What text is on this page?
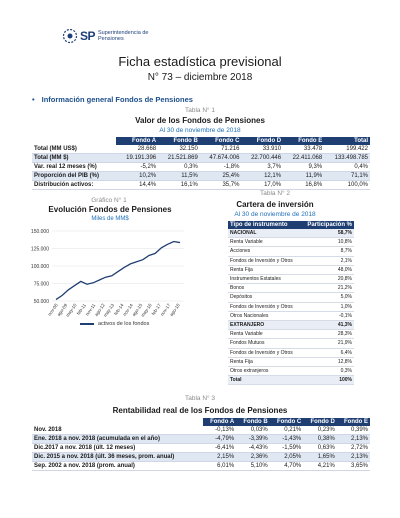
SP Superintendencia de
Pensiones
Ficha estadística previsional
N° 73 – diciembre 2018
• Información general Fondos de Pensiones
Tabla N° 1
Valor de los Fondos de Pensiones
Al 30 de noviembre de 2018
	Fondo A	Fondo B	Fondo C	Fondo D	Fondo E	Total
Total (MM US$)	28.668	32.150	71.216	33.910	33.478	199.422
Total (MM $)	19.191.396	21.521.869	47.674.006	22.700.446	22.411.068	133.498.785
Var. real 12 meses (%)	-5,2%	0,3%	-1,8%	3,7%	9,3%	0,4%
Proporción del PIB (%)	10,2%	11,5%	25,4%	12,1%	11,9%	71,1%
Distribución activos:	14,4%	16,1%	35,7%	17,0%	16,8%	100,0%
Gráfico N° 1
Evolución Fondos de Pensiones
Miles de MM$
150.000
125.000
100.000
75.000
50.000
nov-08
ago-09
may-10
feb-11
nov-11
ago-12
may-13
feb-14
nov-14
ago-15
may-16
feb-17
nov-17
ago-18
activos de los fondos
Tabla N° 2
Cartera de inversión
Al 30 de noviembre de 2018
Tipo de instrumento	Participación %
NACIONAL	58,7%
Renta Variable	10,8%
Acciones	8,7%
Fondos de Inversión y Otros	2,1%
Renta Fija	48,0%
Instrumentos Estatales	20,8%
Bonos	21,2%
Depósitos	5,0%
Fondos de Inversión y Otros	1,0%
Otros Nacionales	-0,1%
EXTRANJERO	41,3%
Renta Variable	28,3%
Fondos Mutuos	21,9%
Fondos de Inversión y Otros	6,4%
Renta Fija	12,8%
Otros extranjeros	0,3%
Total	100%
Tabla N° 3
Rentabilidad real de los Fondos de Pensiones
	Fondo A	Fondo B	Fondo C	Fondo D	Fondo E
Nov. 2018	-0,13%	0,03%	0,21%	0,23%	0,39%
Ene. 2018 a nov. 2018 (acumulada en el año)	-4,79%	-3,39%	-1,43%	0,38%	2,13%
Dic.2017 a nov. 2018 (últ. 12 meses)	-6,41%	-4,43%	-1,59%	0,63%	2,72%
Dic. 2015 a nov. 2018 (últ. 36 meses, prom. anual)	2,15%	2,36%	2,05%	1,65%	2,13%
Sep. 2002 a nov. 2018 (prom. anual)	6,01%	5,10%	4,70%	4,21%	3,65%
